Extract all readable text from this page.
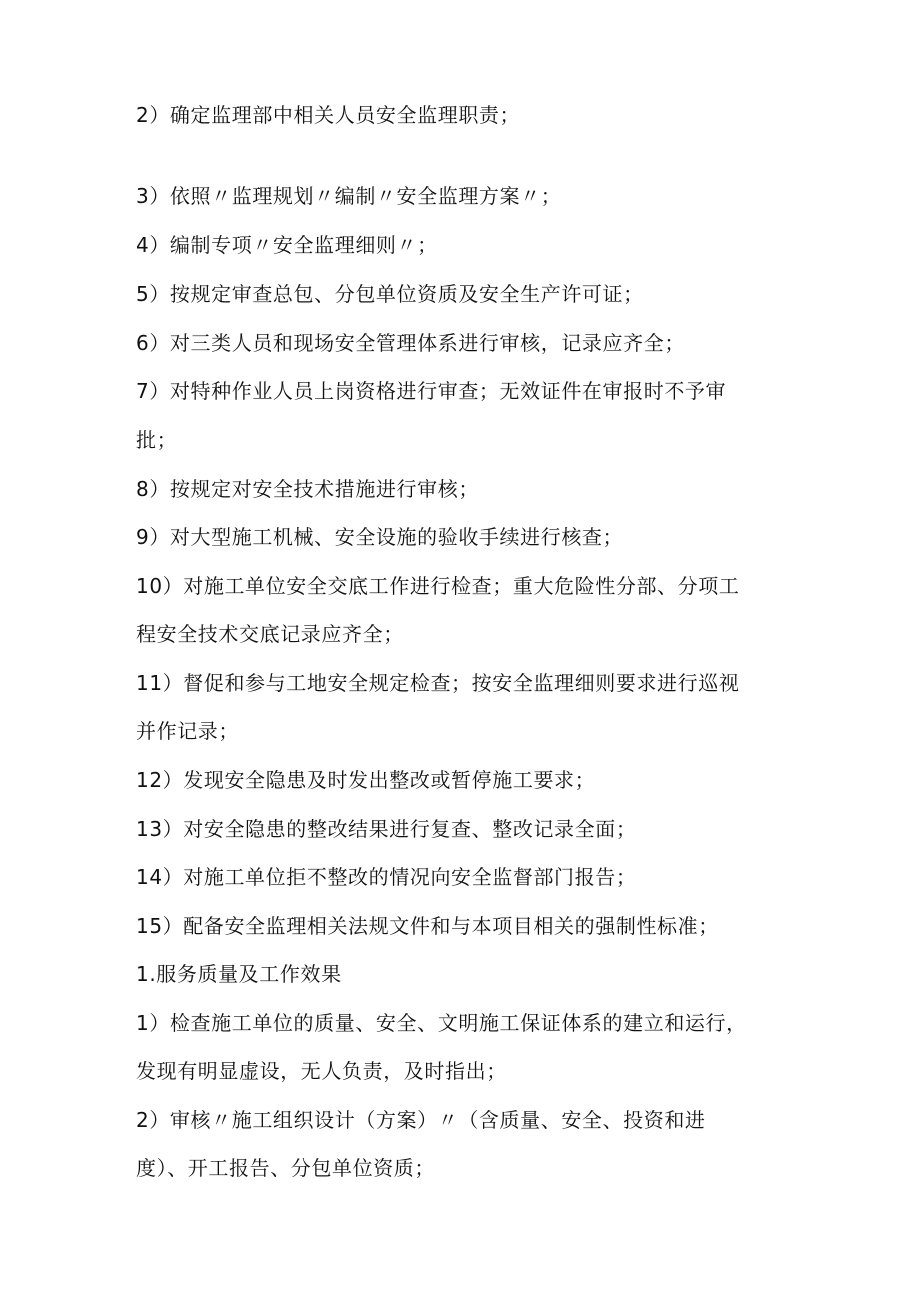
2）确定监理部中相关人员安全监理职责；
3）依照〃监理规划〃编制〃安全监理方案〃；
4）编制专项〃安全监理细则〃；
5）按规定审查总包、分包单位资质及安全生产许可证；
6）对三类人员和现场安全管理体系进行审核，记录应齐全；
7）对特种作业人员上岗资格进行审查；无效证件在审报时不予审
批；
8）按规定对安全技术措施进行审核；
9）对大型施工机械、安全设施的验收手续进行核查；
10）对施工单位安全交底工作进行检查；重大危险性分部、分项工
程安全技术交底记录应齐全；
11）督促和参与工地安全规定检查；按安全监理细则要求进行巡视
并作记录；
12）发现安全隐患及时发出整改或暂停施工要求；
13）对安全隐患的整改结果进行复查、整改记录全面；
14）对施工单位拒不整改的情况向安全监督部门报告；
15）配备安全监理相关法规文件和与本项目相关的强制性标准；
1.服务质量及工作效果
1）检查施工单位的质量、安全、文明施工保证体系的建立和运行，
发现有明显虚设，无人负责，及时指出；
2）审核〃施工组织设计（方案）〃（含质量、安全、投资和进
度）、开工报告、分包单位资质；
